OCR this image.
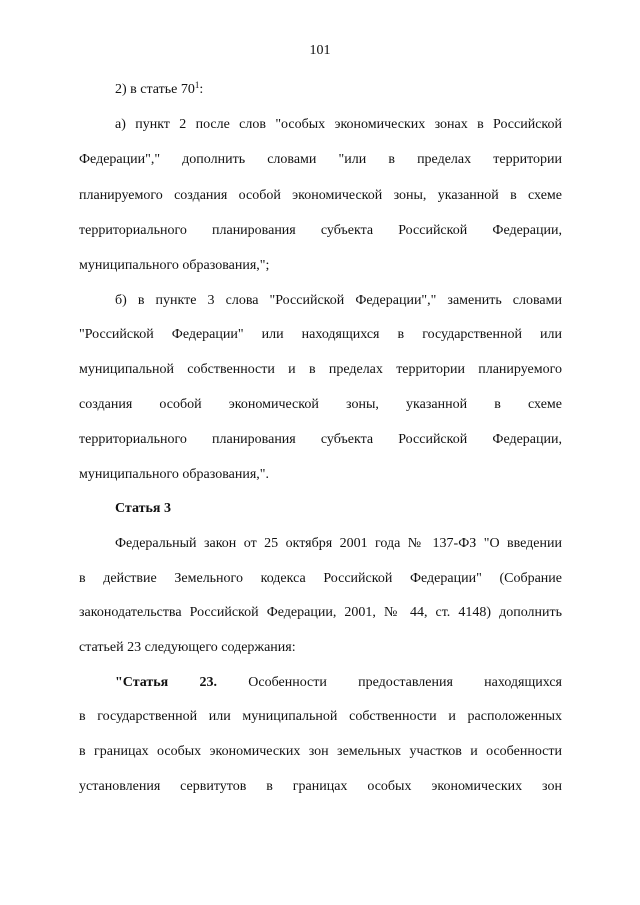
101
2) в статье $70^1$:
а) пункт 2 после слов "особых экономических зонах в Российской
Федерации"," дополнить словами "или в пределах территории
планируемого создания особой экономической зоны, указанной в схеме
территориального планирования субъекта Российской Федерации,
муниципального образования,";
б) в пункте 3 слова "Российской Федерации"," заменить словами
"Российской Федерации" или находящихся в государственной или
муниципальной собственности и в пределах территории планируемого
создания особой экономической зоны, указанной в схеме
территориального планирования субъекта Российской Федерации,
муниципального образования,".
Статья 3
Федеральный закон от 25 октября 2001 года № 137-ФЗ "О введении
в действие Земельного кодекса Российской Федерации" (Собрание
законодательства Российской Федерации, 2001, № 44, ст. 4148) дополнить
статьей 23 следующего содержания:
"Статья 23. Особенности предоставления находящихся
в государственной или муниципальной собственности и расположенных
в границах особых экономических зон земельных участков и особенности
установления сервитутов в границах особых экономических зон
